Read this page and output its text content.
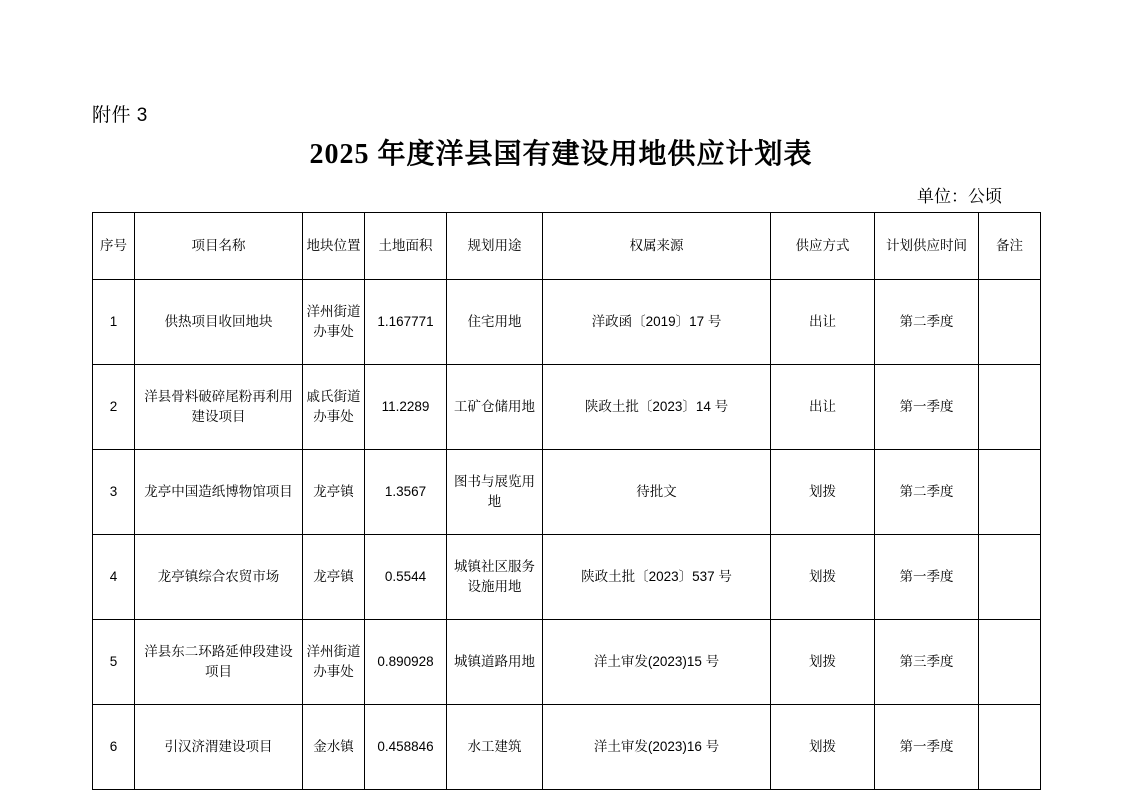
附件 3
2025 年度洋县国有建设用地供应计划表
单位：公顷
序号	项目名称	地块位置	土地面积	规划用途	权属来源	供应方式	计划供应时间	备注
1	供热项目收回地块	洋州街道办事处	1.167771	住宅用地	洋政函〔2019〕17 号	出让	第二季度	
2	洋县骨料破碎尾粉再利用建设项目	戚氏街道办事处	11.2289	工矿仓储用地	陕政土批〔2023〕14 号	出让	第一季度	
3	龙亭中国造纸博物馆项目	龙亭镇	1.3567	图书与展览用地	待批文	划拨	第二季度	
4	龙亭镇综合农贸市场	龙亭镇	0.5544	城镇社区服务设施用地	陕政土批〔2023〕537 号	划拨	第一季度	
5	洋县东二环路延伸段建设项目	洋州街道办事处	0.890928	城镇道路用地	洋土审发(2023)15 号	划拨	第三季度	
6	引汉济渭建设项目	金水镇	0.458846	水工建筑	洋土审发(2023)16 号	划拨	第一季度	
